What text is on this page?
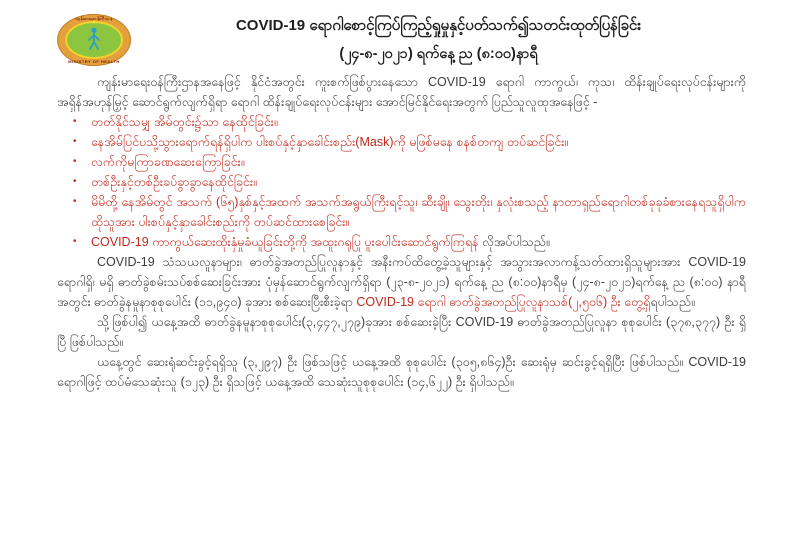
ကျန်းမာရေးဝန်ကြီးဌာန
★
MINISTRY OF HEALTH
COVID-19 ရောဂါစောင့်ကြပ်ကြည့်ရှုမှုနှင့်ပတ်သက်၍သတင်းထုတ်ပြန်ခြင်း
(၂၄-၈-၂၀၂၁) ရက်နေ့ ည (၈:၀၀)နာရီ

ကျန်းမာရေးဝန်ကြီးဌာနအနေဖြင့် နိုင်ငံအတွင်း ကူးစက်ဖြစ်ပွားနေသော COVID-19 ရောဂါ ကာကွယ်၊ ကုသ၊ ထိန်းချုပ်ရေးလုပ်ငန်းများကို အရှိန်အဟုန်မြှင့် ဆောင်ရွက်လျက်ရှိရာ ရောဂါ ထိန်းချုပ်ရေးလုပ်ငန်းများ အောင်မြင်နိုင်ရေးအတွက် ပြည်သူလူထုအနေဖြင့် -

•	တတ်နိုင်သမျှ အိမ်တွင်း၌သာ နေထိုင်ခြင်း။
•	နေအိမ်ပြင်ပသို့သွားရောက်ရန်ရှိပါက ပါးစပ်နှင့်နှာခေါင်းစည်း(Mask)ကို မဖြစ်မနေ စနစ်တကျ တပ်ဆင်ခြင်း။
•	လက်ကိုမကြာခဏဆေးကြောခြင်း။
•	တစ်ဦးနှင့်တစ်ဦးခပ်ခွာခွာနေထိုင်ခြင်း။
•	မိမိတို့ နေအိမ်တွင် အသက် (၆၅)နှစ်နှင့်အထက် အသက်အရွယ်ကြီးရင့်သူ၊ ဆီးချို၊ သွေးတိုး၊ နှလုံးစသည့် နာတာရှည်ရောဂါတစ်ခုခုခံစားနေရသူရှိပါက ထိုသူအား ပါးစပ်နှင့်နှာခေါင်းစည်းကို တပ်ဆင်ထားစေခြင်း။
•	COVID-19 ကာကွယ်ဆေးထိုးနှံမှုခံယူခြင်းတို့ကို အထူးဂရုပြု ပူးပေါင်းဆောင်ရွက်ကြရန် လိုအပ်ပါသည်။

COVID-19 သံသယလူနာများ၊ ဓာတ်ခွဲအတည်ပြုလူနာနှင့် အနီးကပ်ထိတွေ့ခဲ့သူများနှင့် အသွားအလာကန့်သတ်ထားရှိသူများအား COVID-19 ရောဂါရှိ၊ မရှိ ဓာတ်ခွဲစမ်းသပ်စစ်ဆေးခြင်းအား ပုံမှန်ဆောင်ရွက်လျက်ရှိရာ (၂၃-၈-၂၀၂၁) ရက်နေ့ ည (၈:၀၀)နာရီမှ (၂၄-၈-၂၀၂၁)ရက်နေ့ ည (၈:၀၀) နာရီအတွင်း ဓာတ်ခွဲနမူနာစုစုပေါင်း (၁၁,၉၄၀) ခုအား စစ်ဆေးပြီးစီးခဲ့ရာ COVID-19 ရောဂါ ဓာတ်ခွဲအတည်ပြုလူနာသစ်(၂,၅၀၆) ဦး တွေ့ရှိရပါသည်။

သို့ဖြစ်ပါ၍ ယနေ့အထိ ဓာတ်ခွဲနမူနာစုစုပေါင်း(၃,၄၄၇,၂၇၉)ခုအား စစ်ဆေးခဲ့ပြီး COVID-19 ဓာတ်ခွဲအတည်ပြုလူနာ စုစုပေါင်း (၃၇၈,၃၇၇) ဦး ရှိပြီ ဖြစ်ပါသည်။

ယနေ့တွင် ဆေးရုံဆင်းခွင့်ရရှိသူ (၃,၂၉၇) ဦး ဖြစ်သဖြင့် ယနေ့အထိ စုစုပေါင်း (၃၀၅,၈၆၄)ဦး ဆေးရုံမှ ဆင်းခွင့်ရရှိပြီး ဖြစ်ပါသည်။ COVID-19 ရောဂါဖြင့် ထပ်မံသေဆုံးသူ (၁၂၃) ဦး ရှိသဖြင့် ယနေ့အထိ သေဆုံးသူစုစုပေါင်း (၁၄,၆၂၂) ဦး ရှိပါသည်။
